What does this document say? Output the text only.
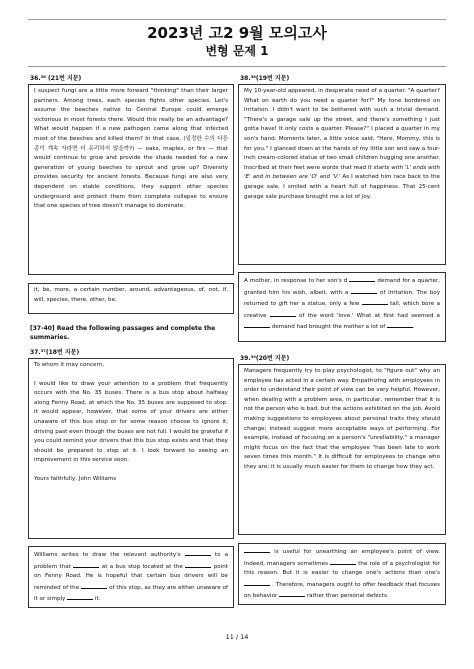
2023년 고2 9월 모의고사
변형 문제 1
36.³⁶ (21번 지문)

I suspect fungi are a little more forward "thinking" than their larger partners. Among trees, each species fights other species. Let's assume the beeches native to Central Europe could emerge victorious in most forests there. Would this really be an advantage? What would happen if a new pathogen came along that infected most of the beeches and killed them? In that case, (일정한 수의 다른 종이 계속 자라면 더 유리하지 않을까?) — oaks, maples, or firs — that would continue to grow and provide the shade needed for a new generation of young beeches to sprout and grow up? Diversity provides security for ancient forests. Because fungi are also very dependent on stable conditions, they support other species underground and protect them from complete collapse to ensure that one species of tree doesn't manage to dominate.

it, be, more, a certain number, around, advantageous, of, not, if, will, species, there, other, be,

[37-40] Read the following passages and complete the summaries.
37.³⁷(18번 지문)

To whom it may concern,

I would like to draw your attention to a problem that frequently occurs with the No. 35 buses. There is a bus stop about halfway along Fenny Road, at which the No. 35 buses are supposed to stop. It would appear, however, that some of your drivers are either unaware of this bus stop or for some reason choose to ignore it, driving past even though the buses are not full. I would be grateful if you could remind your drivers that this bus stop exists and that they should be prepared to stop at it. I look forward to seeing an improvement in this service soon.

Yours faithfully, John Williams

Williams writes to draw the relevant authority's	to a problem that	at a bus stop located at the	point on Fenny Road. He is hopeful that certain bus drivers will be reminded of the	of this stop, as they are either unaware of it or simply	it.

38.³⁸(19번 지문)

My 10-year-old appeared, in desperate need of a quarter. "A quarter? What on earth do you need a quarter for?" My tone bordered on irritation. I didn't want to be bothered with such a trivial demand. "There's a garage sale up the street, and there's something I just gotta have! It only costs a quarter. Please?" I placed a quarter in my son's hand. Moments later, a little voice said, "Here, Mommy, this is for you." I glanced down at the hands of my little son and saw a four-inch cream-colored statue of two small children hugging one another. Inscribed at their feet were words that read It starts with 'L' ends with 'E' and in between are 'O' and 'V.' As I watched him race back to the garage sale, I smiled with a heart full of happiness. That 25-cent garage sale purchase brought me a lot of joy.

A mother, in response to her son's d	demand for a quarter, granted him his wish, albeit, with a	of irritation. The boy returned to gift her a statue, only a few	tall, which bore a creative	of the word 'love.' What at first had seemed a  demand had brought the mother a lot of	.

39.³⁹(20번 지문)

Managers frequently try to play psychologist, to "figure out" why an employee has acted in a certain way. Empathizing with employees in order to understand their point of view can be very helpful. However, when dealing with a problem area, in particular, remember that it is not the person who is bad, but the actions exhibited on the job. Avoid making suggestions to employees about personal traits they should change; instead suggest more acceptable ways of performing. For example, instead of focusing on a person's "unreliability," a manager might focus on the fact that the employee "has been late to work seven times this month." It is difficult for employees to change who they are; it is usually much easier for them to change how they act.

is useful for unearthing an employee's point of view. Indeed, managers sometimes	the role of a psychologist for this reason. But it is easier to change one's actions than one's  . Therefore, managers ought to offer feedback that focuses on behavior	rather than personal defects.

11 / 14
